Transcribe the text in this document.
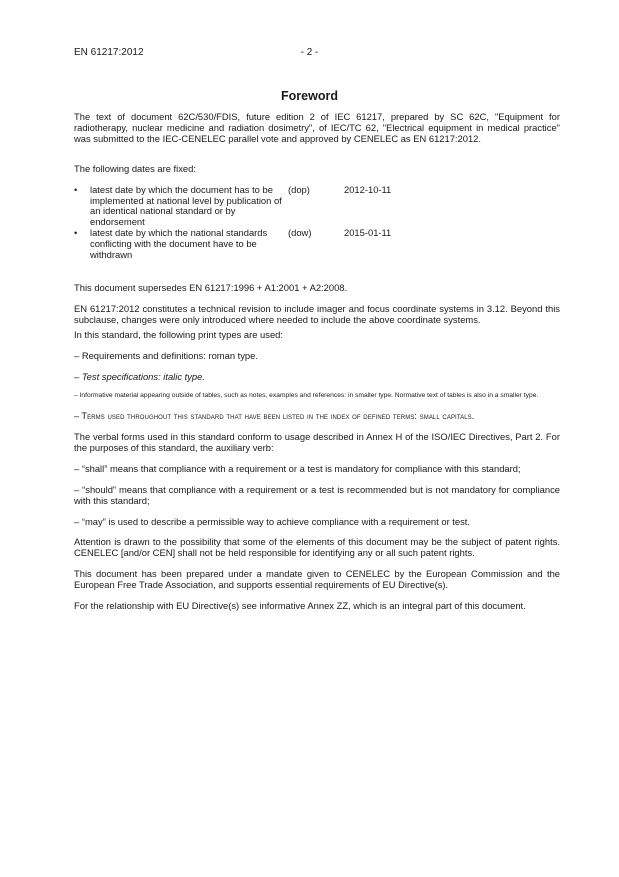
EN 61217:2012	- 2 -
Foreword

The text of document 62C/530/FDIS, future edition 2 of IEC 61217, prepared by SC 62C, "Equipment for radiotherapy, nuclear medicine and radiation dosimetry", of IEC/TC 62, "Electrical equipment in medical practice" was submitted to the IEC-CENELEC parallel vote and approved by CENELEC as EN 61217:2012.

The following dates are fixed:

•	latest date by which the document has to be implemented at national level by publication of an identical national standard or by endorsement
(dop)	2012-10-11
•	latest date by which the national standards conflicting with the document have to be withdrawn
(dow)	2015-01-11

This document supersedes EN 61217:1996 + A1:2001 + A2:2008.

EN 61217:2012 constitutes a technical revision to include imager and focus coordinate systems in 3.12. Beyond this subclause, changes were only introduced where needed to include the above coordinate systems.

In this standard, the following print types are used:

– Requirements and definitions: roman type.

– Test specifications: italic type.

– Informative material appearing outside of tables, such as notes, examples and references: in smaller type. Normative text of tables is also in a smaller type.

– Terms used throughout this standard that have been listed in the index of defined terms: small capitals.

The verbal forms used in this standard conform to usage described in Annex H of the ISO/IEC Directives, Part 2. For the purposes of this standard, the auxiliary verb:

– “shall” means that compliance with a requirement or a test is mandatory for compliance with this standard;

– “should” means that compliance with a requirement or a test is recommended but is not mandatory for compliance with this standard;

– “may” is used to describe a permissible way to achieve compliance with a requirement or test.

Attention is drawn to the possibility that some of the elements of this document may be the subject of patent rights. CENELEC [and/or CEN] shall not be held responsible for identifying any or all such patent rights.

This document has been prepared under a mandate given to CENELEC by the European Commission and the European Free Trade Association, and supports essential requirements of EU Directive(s).

For the relationship with EU Directive(s) see informative Annex ZZ, which is an integral part of this document.
